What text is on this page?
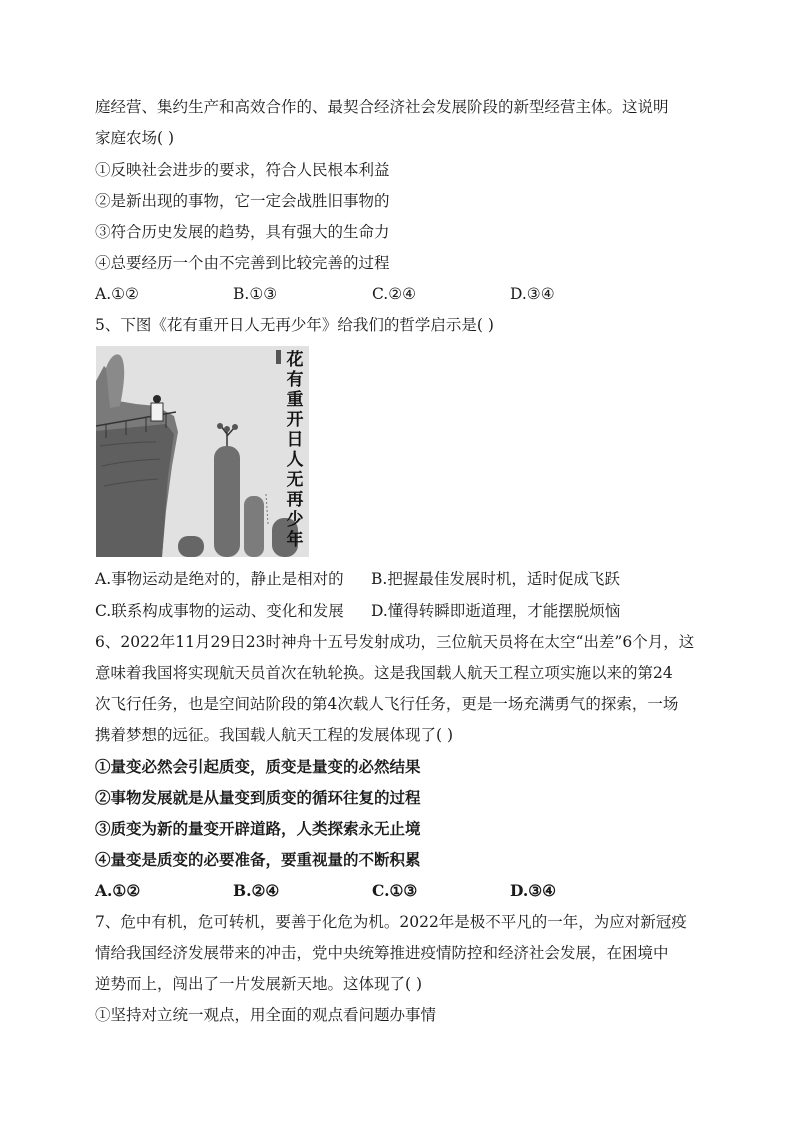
庭经营、集约生产和高效合作的、最契合经济社会发展阶段的新型经营主体。这说明
家庭农场( )
①反映社会进步的要求，符合人民根本利益
②是新出现的事物，它一定会战胜旧事物的
③符合历史发展的趋势，具有强大的生命力
④总要经历一个由不完善到比较完善的过程
A.①②	B.①③	C.②④	D.③④
5、下图《花有重开日人无再少年》给我们的哲学启示是( )
花
有
重
开
日
人
无
再
少
年
A.事物运动是绝对的，静止是相对的 B.把握最佳发展时机，适时促成飞跃
C.联系构成事物的运动、变化和发展 D.懂得转瞬即逝道理，才能摆脱烦恼
6、2022年11月29日23时神舟十五号发射成功，三位航天员将在太空“出差”6个月，这
意味着我国将实现航天员首次在轨轮换。这是我国载人航天工程立项实施以来的第24
次飞行任务，也是空间站阶段的第4次载人飞行任务，更是一场充满勇气的探索，一场
携着梦想的远征。我国载人航天工程的发展体现了( )
①量变必然会引起质变，质变是量变的必然结果
②事物发展就是从量变到质变的循环往复的过程
③质变为新的量变开辟道路，人类探索永无止境
④量变是质变的必要准备，要重视量的不断积累
A.①②	B.②④	C.①③	D.③④
7、危中有机，危可转机，要善于化危为机。2022年是极不平凡的一年，为应对新冠疫
情给我国经济发展带来的冲击，党中央统筹推进疫情防控和经济社会发展，在困境中
逆势而上，闯出了一片发展新天地。这体现了( )
①坚持对立统一观点，用全面的观点看问题办事情
